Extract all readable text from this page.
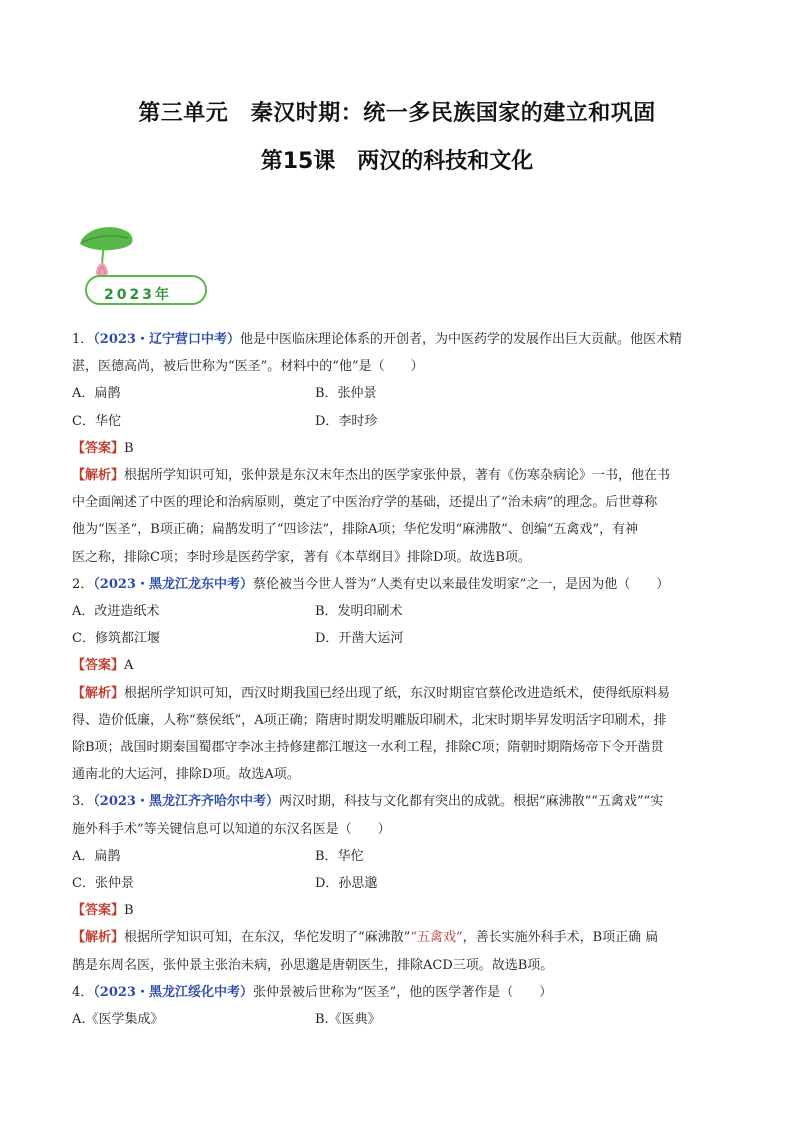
第三单元　秦汉时期：统一多民族国家的建立和巩固
第15课　两汉的科技和文化
2023年

1．（2023・辽宁营口中考）他是中医临床理论体系的开创者，为中医药学的发展作出巨大贡献。他医术精

湛，医德高尚，被后世称为“医圣”。材料中的“他”是（　　）

A．扁鹊	B．张仲景
C．华佗	D．李时珍

【答案】B

【解析】根据所学知识可知，张仲景是东汉末年杰出的医学家张仲景，著有《伤寒杂病论》一书，他在书

中全面阐述了中医的理论和治病原则，奠定了中医治疗学的基础，还提出了“治未病”的理念。后世尊称

他为“医圣”，B项正确；扁鹊发明了“四诊法”，排除A项；华佗发明“麻沸散”、创编“五禽戏”，有神

医之称，排除C项；李时珍是医药学家，著有《本草纲目》排除D项。故选B项。

2．（2023・黑龙江龙东中考）蔡伦被当今世人誉为“人类有史以来最佳发明家”之一，是因为他（　　）

A．改进造纸术	B．发明印刷术
C．修筑都江堰	D．开凿大运河

【答案】A

【解析】根据所学知识可知，西汉时期我国已经出现了纸，东汉时期宦官蔡伦改进造纸术，使得纸原料易

得、造价低廉，人称“蔡侯纸”，A项正确；隋唐时期发明雕版印刷术，北宋时期毕昇发明活字印刷术，排

除B项；战国时期秦国蜀郡守李冰主持修建都江堰这一水利工程，排除C项；隋朝时期隋炀帝下令开凿贯

通南北的大运河，排除D项。故选A项。

3．（2023・黑龙江齐齐哈尔中考）两汉时期，科技与文化都有突出的成就。根据“麻沸散”“五禽戏”“实

施外科手术”等关键信息可以知道的东汉名医是（　　）

A．扁鹊	B．华佗
C．张仲景	D．孙思邈

【答案】B

【解析】根据所学知识可知，在东汉，华佗发明了“麻沸散”“五禽戏”，善长实施外科手术，B项正确 扁

鹊是东周名医，张仲景主张治未病，孙思邈是唐朝医生，排除ACD三项。故选B项。

4．（2023・黑龙江绥化中考）张仲景被后世称为“医圣”，他的医学著作是（　　）

A.《医学集成》	B.《医典》
